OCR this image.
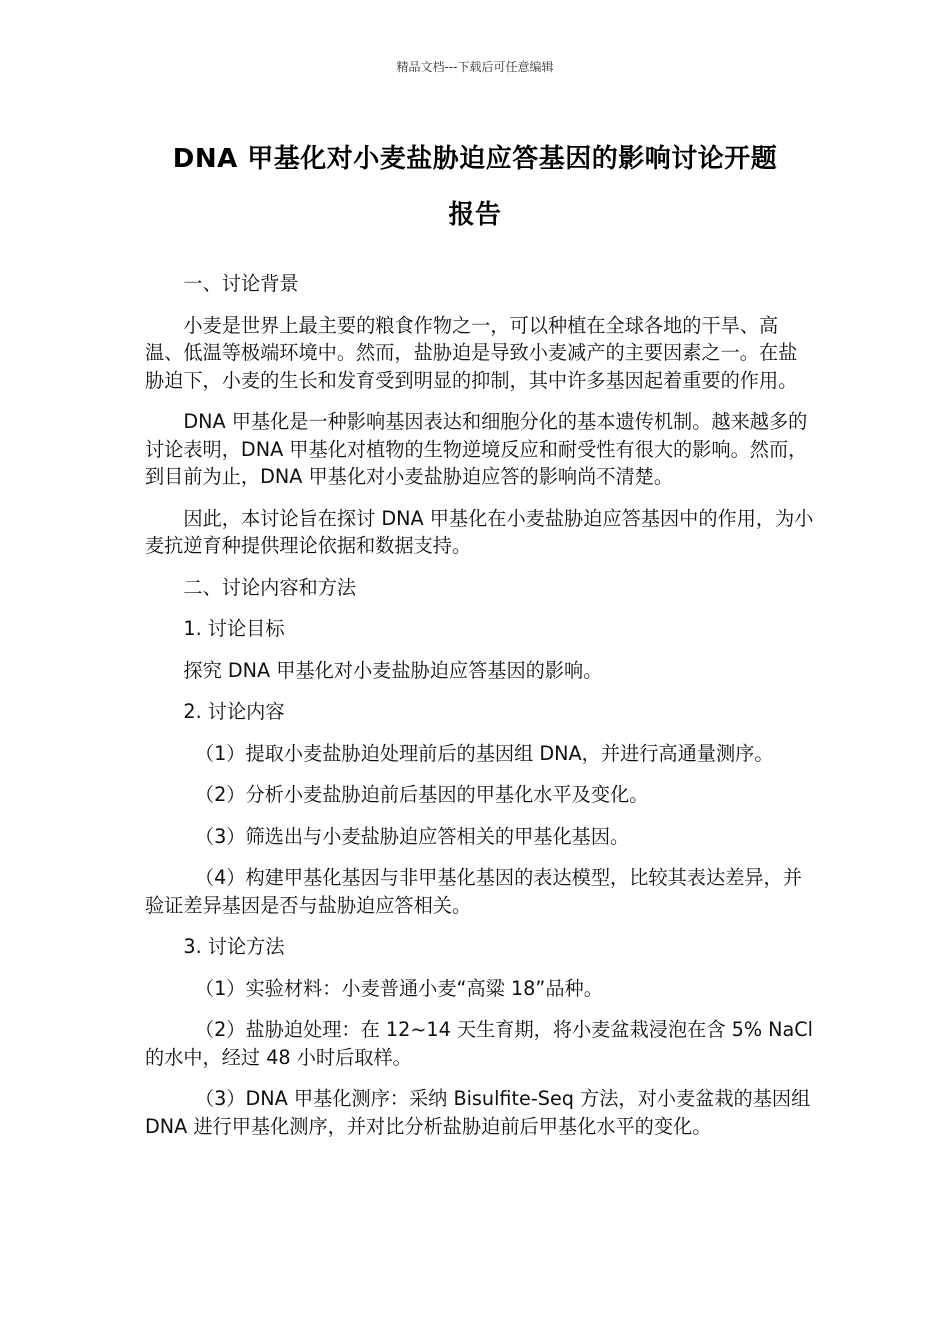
精品文档---下载后可任意编辑
DNA 甲基化对小麦盐胁迫应答基因的影响讨论开题
报告

一、讨论背景

小麦是世界上最主要的粮食作物之一，可以种植在全球各地的干旱、高温、低温等极端环境中。然而，盐胁迫是导致小麦减产的主要因素之一。在盐胁迫下，小麦的生长和发育受到明显的抑制，其中许多基因起着重要的作用。

DNA 甲基化是一种影响基因表达和细胞分化的基本遗传机制。越来越多的讨论表明，DNA 甲基化对植物的生物逆境反应和耐受性有很大的影响。然而，到目前为止，DNA 甲基化对小麦盐胁迫应答的影响尚不清楚。

因此，本讨论旨在探讨 DNA 甲基化在小麦盐胁迫应答基因中的作用，为小麦抗逆育种提供理论依据和数据支持。

二、讨论内容和方法

1. 讨论目标

探究 DNA 甲基化对小麦盐胁迫应答基因的影响。

2. 讨论内容

（1）提取小麦盐胁迫处理前后的基因组 DNA，并进行高通量测序。

（2）分析小麦盐胁迫前后基因的甲基化水平及变化。

（3）筛选出与小麦盐胁迫应答相关的甲基化基因。

（4）构建甲基化基因与非甲基化基因的表达模型，比较其表达差异，并验证差异基因是否与盐胁迫应答相关。

3. 讨论方法

（1）实验材料：小麦普通小麦“高粱 18”品种。

（2）盐胁迫处理：在 12~14 天生育期，将小麦盆栽浸泡在含 5% NaCl 的水中，经过 48 小时后取样。

（3）DNA 甲基化测序：采纳 Bisulfite-Seq 方法，对小麦盆栽的基因组 DNA 进行甲基化测序，并对比分析盐胁迫前后甲基化水平的变化。
